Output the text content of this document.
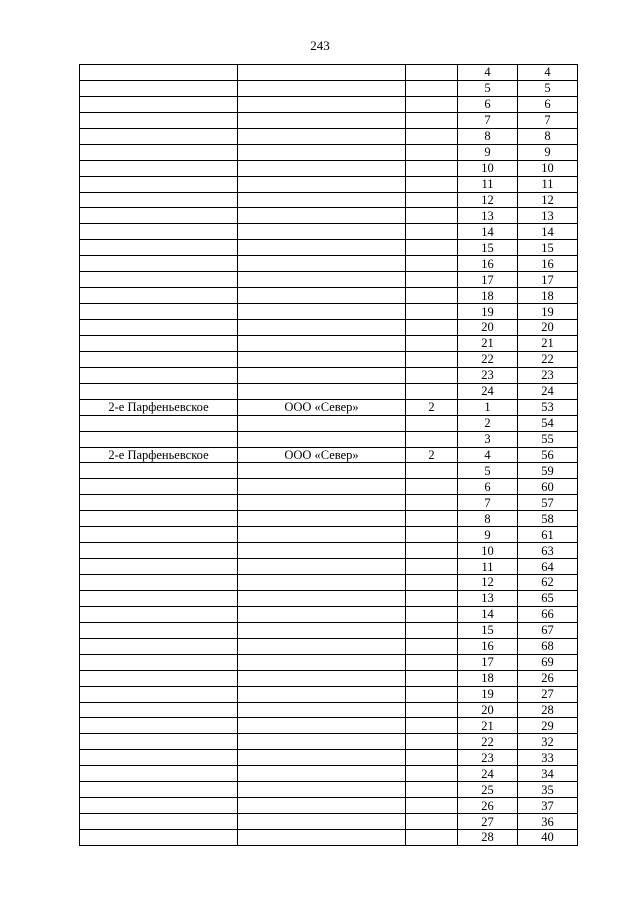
243
			4	4
			5	5
			6	6
			7	7
			8	8
			9	9
			10	10
			11	11
			12	12
			13	13
			14	14
			15	15
			16	16
			17	17
			18	18
			19	19
			20	20
			21	21
			22	22
			23	23
			24	24
2-е Парфеньевское	ООО «Север»	2	1	53
			2	54
			3	55
2-е Парфеньевское	ООО «Север»	2	4	56
			5	59
			6	60
			7	57
			8	58
			9	61
			10	63
			11	64
			12	62
			13	65
			14	66
			15	67
			16	68
			17	69
			18	26
			19	27
			20	28
			21	29
			22	32
			23	33
			24	34
			25	35
			26	37
			27	36
			28	40
